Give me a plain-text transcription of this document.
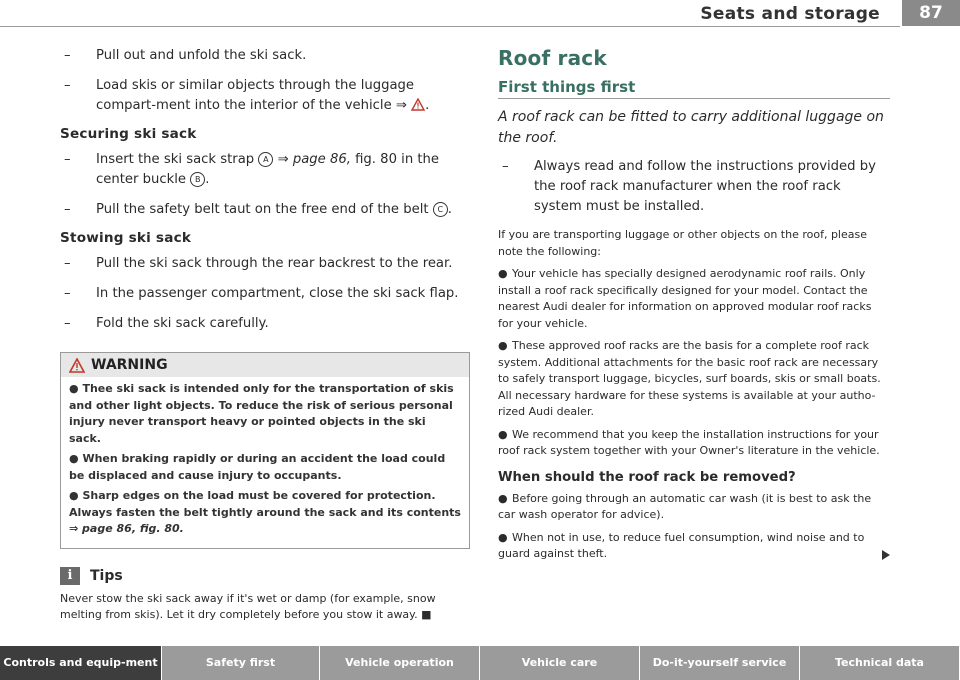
Seats and storage	87
– Pull out and unfold the ski sack.
– Load skis or similar objects through the luggage compart-ment into the interior of the vehicle ⇒ .
Securing ski sack
– Insert the ski sack strap A ⇒ page 86, fig. 80 in the center buckle B .
– Pull the safety belt taut on the free end of the belt C .
Stowing ski sack
– Pull the ski sack through the rear backrest to the rear.
– In the passenger compartment, close the ski sack flap.
– Fold the ski sack carefully.
WARNING

● Thee ski sack is intended only for the transportation of skis and other light objects. To reduce the risk of serious personal injury never transport heavy or pointed objects in the ski sack.

● When braking rapidly or during an accident the load could be displaced and cause injury to occupants.

● Sharp edges on the load must be covered for protection. Always fasten the belt tightly around the sack and its contents ⇒ page 86, fig. 80.

i	Tips
Never stow the ski sack away if it's wet or damp (for example, snow melting from skis). Let it dry completely before you stow it away. ■
Roof rack
First things first
A roof rack can be fitted to carry additional luggage on the roof.
– Always read and follow the instructions provided by the roof rack manufacturer when the roof rack system must be installed.

If you are transporting luggage or other objects on the roof, please note the following:

● Your vehicle has specially designed aerodynamic roof rails. Only install a roof rack specifically designed for your model. Contact the nearest Audi dealer for information on approved modular roof racks for your vehicle.
● These approved roof racks are the basis for a complete roof rack system. Additional attachments for the basic roof rack are necessary to safely transport luggage, bicycles, surf boards, skis or small boats. All necessary hardware for these systems is available at your autho-rized Audi dealer.
● We recommend that you keep the installation instructions for your roof rack system together with your Owner's literature in the vehicle.
When should the roof rack be removed?
● Before going through an automatic car wash (it is best to ask the car wash operator for advice).
● When not in use, to reduce fuel consumption, wind noise and to guard against theft.
Controls and equip-ment	Safety first	Vehicle operation	Vehicle care	Do-it-yourself service	Technical data
